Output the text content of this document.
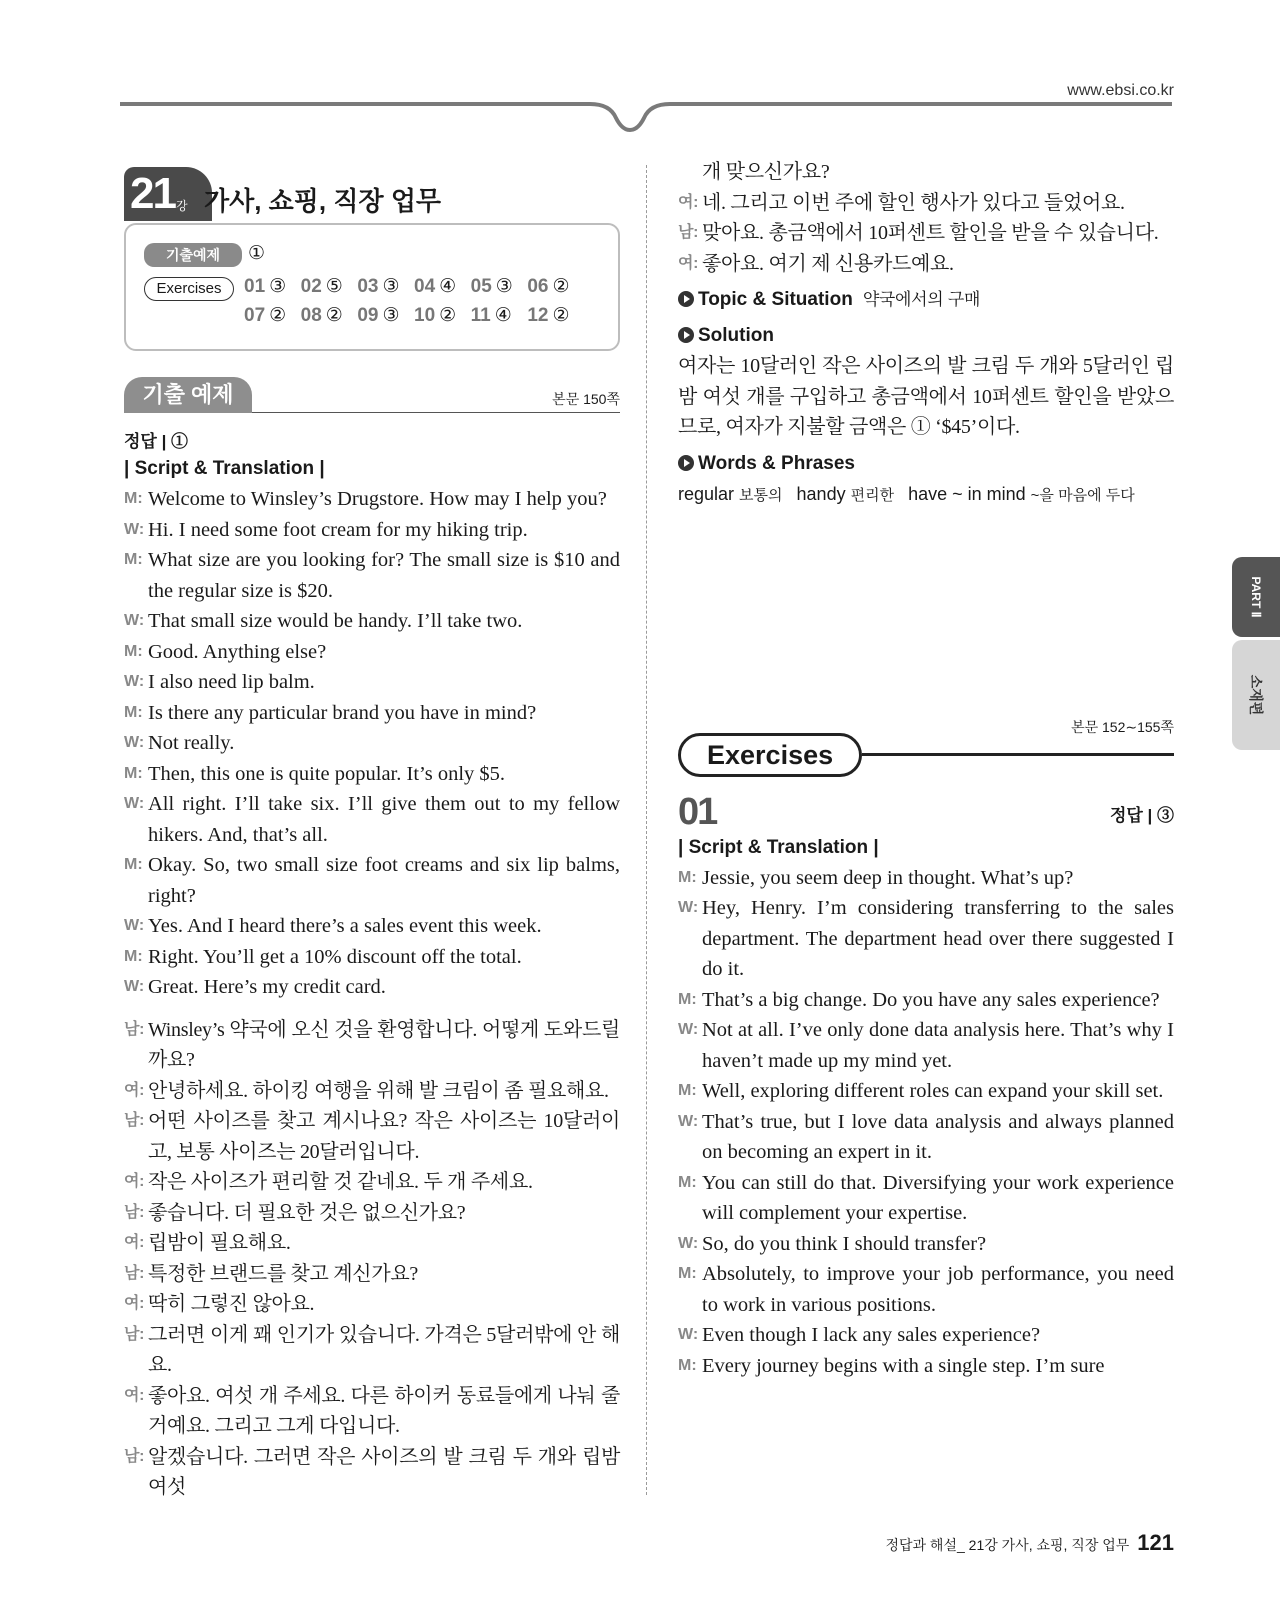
www.ebsi.co.kr
21 강 가사, 쇼핑, 직장 업무
기출예제	①
Exercises	01 ③ 02 ⑤ 03 ③ 04 ④ 05 ③ 06 ②
07 ② 08 ② 09 ③ 10 ② 11 ④ 12 ②
기출 예제	본문 150쪽
정답 | ①
| Script & Translation |
M: Welcome to Winsley’s Drugstore. How may I help you?
W: Hi. I need some foot cream for my hiking trip.
M: What size are you looking for? The small size is $10 and the regular size is $20.
W: That small size would be handy. I’ll take two.
M: Good. Anything else?
W: I also need lip balm.
M: Is there any particular brand you have in mind?
W: Not really.
M: Then, this one is quite popular. It’s only $5.
W: All right. I’ll take six. I’ll give them out to my fellow hikers. And, that’s all.
M: Okay. So, two small size foot creams and six lip balms, right?
W: Yes. And I heard there’s a sales event this week.
M: Right. You’ll get a 10% discount off the total.
W: Great. Here’s my credit card.
남: Winsley’s 약국에 오신 것을 환영합니다. 어떻게 도와드릴까요?
여: 안녕하세요. 하이킹 여행을 위해 발 크림이 좀 필요해요.
남: 어떤 사이즈를 찾고 계시나요? 작은 사이즈는 10달러이고, 보통 사이즈는 20달러입니다.
여: 작은 사이즈가 편리할 것 같네요. 두 개 주세요.
남: 좋습니다. 더 필요한 것은 없으신가요?
여: 립밤이 필요해요.
남: 특정한 브랜드를 찾고 계신가요?
여: 딱히 그렇진 않아요.
남: 그러면 이게 꽤 인기가 있습니다. 가격은 5달러밖에 안 해요.
여: 좋아요. 여섯 개 주세요. 다른 하이커 동료들에게 나눠 줄 거예요. 그리고 그게 다입니다.
남: 알겠습니다. 그러면 작은 사이즈의 발 크림 두 개와 립밤 여섯
개 맞으신가요?
여: 네. 그리고 이번 주에 할인 행사가 있다고 들었어요.
남: 맞아요. 총금액에서 10퍼센트 할인을 받을 수 있습니다.
여: 좋아요. 여기 제 신용카드예요.
Topic & Situation 약국에서의 구매
Solution
여자는 10달러인 작은 사이즈의 발 크림 두 개와 5달러인 립밤 여섯 개를 구입하고 총금액에서 10퍼센트 할인을 받았으므로, 여자가 지불할 금액은 ① ‘$45’이다.
Words & Phrases
regular 보통의 handy 편리한 have ~ in mind ~을 마음에 두다
Exercises
본문 152∼155쪽
01	정답 | ③
| Script & Translation |
M: Jessie, you seem deep in thought. What’s up?
W: Hey, Henry. I’m considering transferring to the sales department. The department head over there suggested I do it.
M: That’s a big change. Do you have any sales experience?
W: Not at all. I’ve only done data analysis here. That’s why I haven’t made up my mind yet.
M: Well, exploring different roles can expand your skill set.
W: That’s true, but I love data analysis and always planned on becoming an expert in it.
M: You can still do that. Diversifying your work experience will complement your expertise.
W: So, do you think I should transfer?
M: Absolutely, to improve your job performance, you need to work in various positions.
W: Even though I lack any sales experience?
M: Every journey begins with a single step. I’m sure
PART Ⅱ
소재편
정답과 해설_ 21강 가사, 쇼핑, 직장 업무 121
